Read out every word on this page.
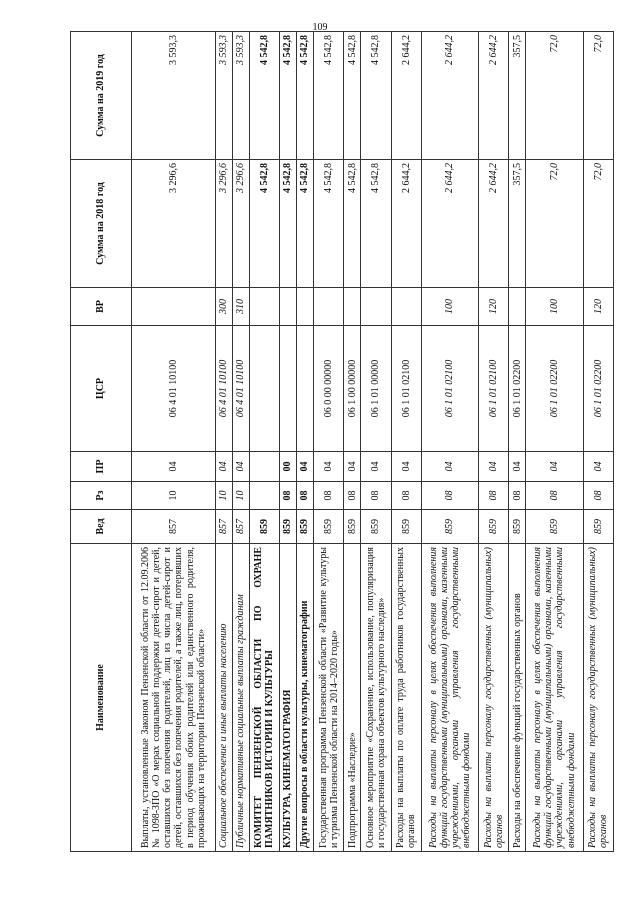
109
Наименование	Вед	Рз	ПР	ЦСР	ВР	Сумма на 2018 год	Сумма на 2019 год
Выплаты, установленные Законом Пензенской области от 12.09.2006 № 1098-ЗПО «О мерах социальной поддержки детей-сирот и детей, оставшихся без попечения родителей, лиц из числа детей-сирот и детей, оставшихся без попечения родителей, а также лиц, потерявших в период обучения обоих родителей или единственного родителя, проживающих на территории Пензенской области»	857	10	04	06 4 01 10100		3 296,6	3 593,3
Социальное обеспечение и иные выплаты населению	857	10	04	06 4 01 10100	300	3 296,6	3 593,3
Публичные нормативные социальные выплаты гражданам	857	10	04	06 4 01 10100	310	3 296,6	3 593,3
КОМИТЕТ ПЕНЗЕНСКОЙ ОБЛАСТИ ПО ОХРАНЕ ПАМЯТНИКОВ ИСТОРИИ И КУЛЬТУРЫ	859					4 542,8	4 542,8
КУЛЬТУРА, КИНЕМАТОГРАФИЯ	859	08	00			4 542,8	4 542,8
Другие вопросы в области культуры, кинематографии	859	08	04			4 542,8	4 542,8
Государственная программа Пензенской области «Развитие культуры и туризма Пензенской области на 2014–2020 годы»	859	08	04	06 0 00 00000		4 542,8	4 542,8
Подпрограмма «Наследие»	859	08	04	06 1 00 00000		4 542,8	4 542,8
Основное мероприятие «Сохранение, использование, популяризация и государственная охрана объектов культурного наследия»	859	08	04	06 1 01 00000		4 542,8	4 542,8
Расходы на выплаты по оплате труда работников государственных органов	859	08	04	06 1 01 02100		2 644,2	2 644,2
Расходы на выплаты персоналу в целях обеспечения выполнения функций государственными (муниципальными) органами, казенными учреждениями, органами управления государственными внебюджетными фондами	859	08	04	06 1 01 02100	100	2 644,2	2 644,2
Расходы на выплаты персоналу государственных (муниципальных) органов	859	08	04	06 1 01 02100	120	2 644,2	2 644,2
Расходы на обеспечение функций государственных органов	859	08	04	06 1 01 02200		357,5	357,5
Расходы на выплаты персоналу в целях обеспечения выполнения функций государственными (муниципальными) органами, казенными учреждениями, органами управления государственными внебюджетными фондами	859	08	04	06 1 01 02200	100	72,0	72,0
Расходы на выплаты персоналу государственных (муниципальных) органов	859	08	04	06 1 01 02200	120	72,0	72,0
